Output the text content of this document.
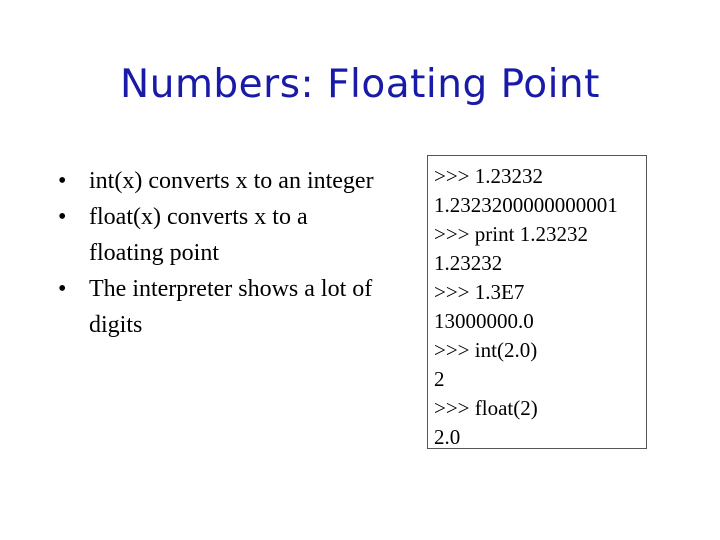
Numbers: Floating Point
• int(x) converts x to an integer
• float(x) converts x to a floating point
• The interpreter shows a lot of digits
>>> 1.23232
1.2323200000000001
>>> print 1.23232
1.23232
>>> 1.3E7
13000000.0
>>> int(2.0)
2
>>> float(2)
2.0
